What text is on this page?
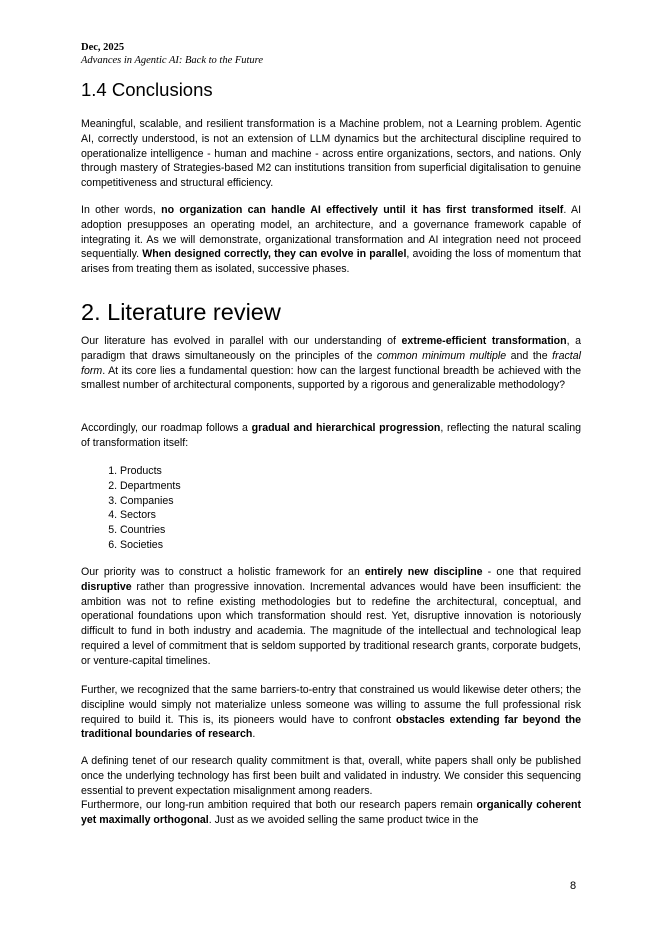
Dec, 2025
Advances in Agentic AI: Back to the Future
1.4 Conclusions

Meaningful, scalable, and resilient transformation is a Machine problem, not a Learning problem. Agentic AI, correctly understood, is not an extension of LLM dynamics but the architectural discipline required to operationalize intelligence - human and machine - across entire organizations, sectors, and nations. Only through mastery of Strategies-based M2 can institutions transition from superficial digitalisation to genuine competitiveness and structural efficiency.

In other words, no organization can handle AI effectively until it has first transformed itself. AI adoption presupposes an operating model, an architecture, and a governance framework capable of integrating it. As we will demonstrate, organizational transformation and AI integration need not proceed sequentially. When designed correctly, they can evolve in parallel, avoiding the loss of momentum that arises from treating them as isolated, successive phases.

2. Literature review

Our literature has evolved in parallel with our understanding of extreme-efficient transformation, a paradigm that draws simultaneously on the principles of the common minimum multiple and the fractal form. At its core lies a fundamental question: how can the largest functional breadth be achieved with the smallest number of architectural components, supported by a rigorous and generalizable methodology?

Accordingly, our roadmap follows a gradual and hierarchical progression, reflecting the natural scaling of transformation itself:

1. Products
2. Departments
3. Companies
4. Sectors
5. Countries
6. Societies

Our priority was to construct a holistic framework for an entirely new discipline - one that required disruptive rather than progressive innovation. Incremental advances would have been insufficient: the ambition was not to refine existing methodologies but to redefine the architectural, conceptual, and operational foundations upon which transformation should rest. Yet, disruptive innovation is notoriously difficult to fund in both industry and academia. The magnitude of the intellectual and technological leap required a level of commitment that is seldom supported by traditional research grants, corporate budgets, or venture-capital timelines.

Further, we recognized that the same barriers-to-entry that constrained us would likewise deter others; the discipline would simply not materialize unless someone was willing to assume the full professional risk required to build it. This is, its pioneers would have to confront obstacles extending far beyond the traditional boundaries of research.

A defining tenet of our research quality commitment is that, overall, white papers shall only be published once the underlying technology has first been built and validated in industry. We consider this sequencing essential to prevent expectation misalignment among readers.

Furthermore, our long-run ambition required that both our research papers remain organically coherent yet maximally orthogonal. Just as we avoided selling the same product twice in the

8
